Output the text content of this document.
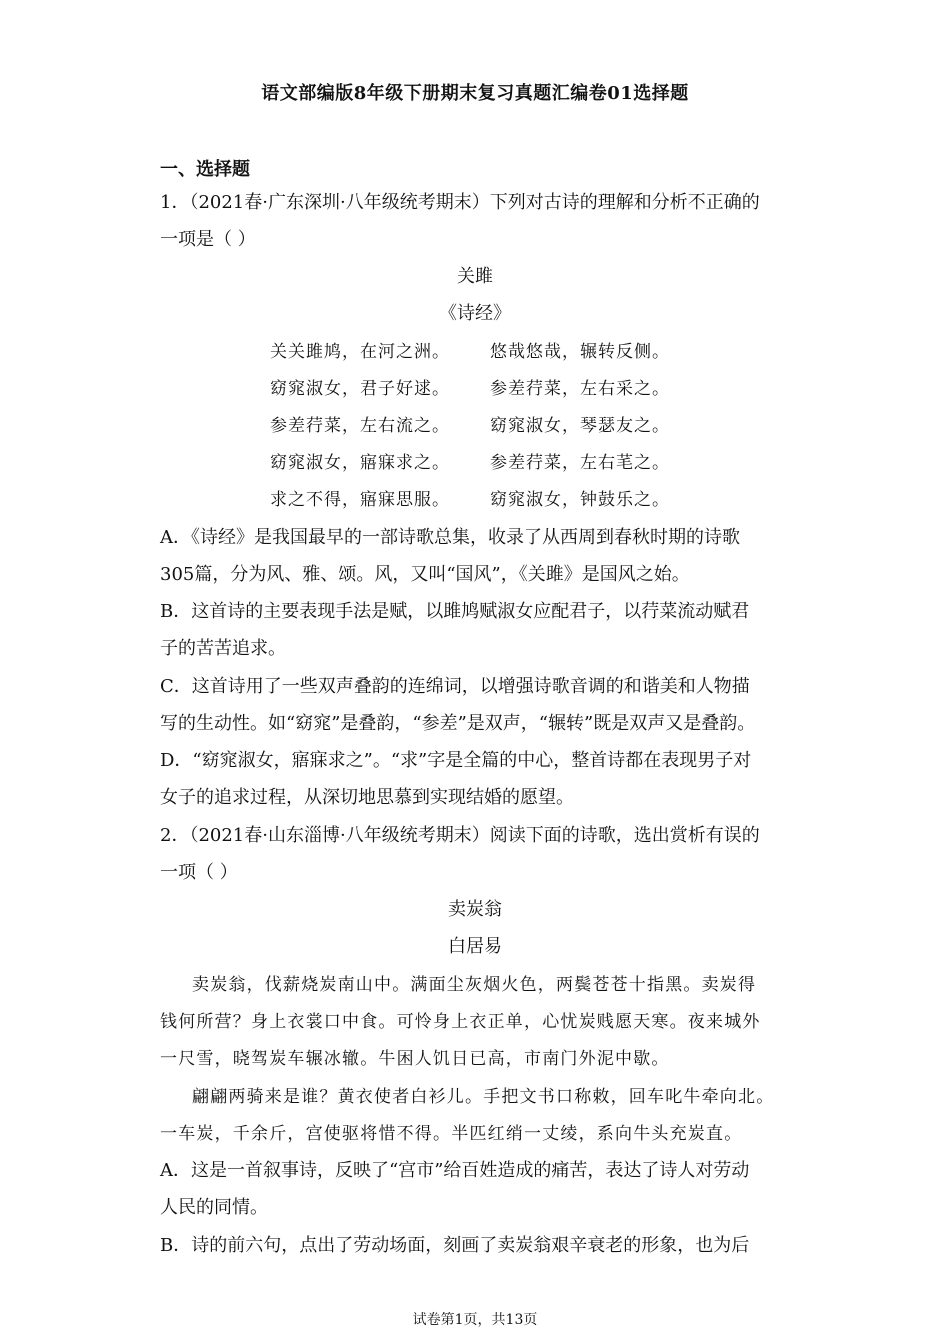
语文部编版8年级下册期末复习真题汇编卷01选择题
一、选择题
1．（2021春·广东深圳·八年级统考期末）下列对古诗的理解和分析不正确的
一项是（ ）
关雎
《诗经》
关关雎鸠，在河之洲。 悠哉悠哉，辗转反侧。
窈窕淑女，君子好逑。 参差荇菜，左右采之。
参差荇菜，左右流之。 窈窕淑女，琴瑟友之。
窈窕淑女，寤寐求之。 参差荇菜，左右芼之。
求之不得，寤寐思服。 窈窕淑女，钟鼓乐之。
A．《诗经》是我国最早的一部诗歌总集，收录了从西周到春秋时期的诗歌
305篇，分为风、雅、颂。风，又叫“国风”，《关雎》是国风之始。
B．这首诗的主要表现手法是赋，以雎鸠赋淑女应配君子，以荇菜流动赋君
子的苦苦追求。
C．这首诗用了一些双声叠韵的连绵词，以增强诗歌音调的和谐美和人物描
写的生动性。如“窈窕”是叠韵，“参差”是双声，“辗转”既是双声又是叠韵。
D．“窈窕淑女，寤寐求之”。“求”字是全篇的中心，整首诗都在表现男子对
女子的追求过程，从深切地思慕到实现结婚的愿望。
2．（2021春·山东淄博·八年级统考期末）阅读下面的诗歌，选出赏析有误的
一项（ ）
卖炭翁
白居易
卖炭翁，伐薪烧炭南山中。满面尘灰烟火色，两鬓苍苍十指黑。卖炭得
钱何所营？身上衣裳口中食。可怜身上衣正单，心忧炭贱愿天寒。夜来城外
一尺雪，晓驾炭车辗冰辙。牛困人饥日已高，市南门外泥中歇。
翩翩两骑来是谁？黄衣使者白衫儿。手把文书口称敕，回车叱牛牵向北。
一车炭，千余斤，宫使驱将惜不得。半匹红绡一丈绫，系向牛头充炭直。
A．这是一首叙事诗，反映了“宫市”给百姓造成的痛苦，表达了诗人对劳动
人民的同情。
B．诗的前六句，点出了劳动场面，刻画了卖炭翁艰辛衰老的形象，也为后
试卷第1页，共13页
